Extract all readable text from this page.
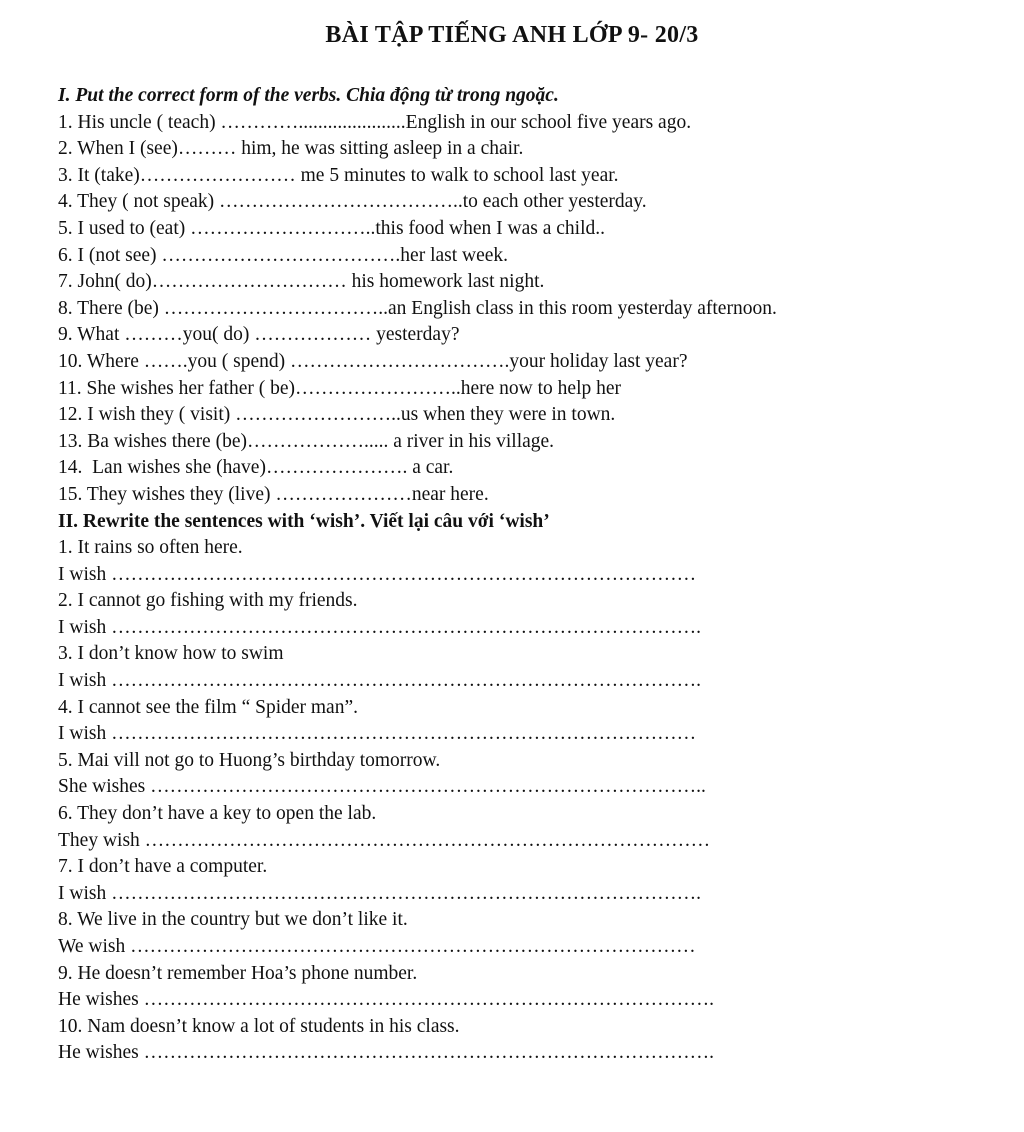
BÀI TẬP TIẾNG ANH LỚP 9- 20/3

I. Put the correct form of the verbs. Chia động từ trong ngoặc.

1. His uncle ( teach) …………......................English in our school five years ago.

2. When I (see)……… him, he was sitting asleep in a chair.

3. It (take)…………………… me 5 minutes to walk to school last year.

4. They ( not speak) ………………………………..to each other yesterday.

5. I used to (eat) ………………………..this food when I was a child..

6. I (not see) ……………………………….her last week.

7. John( do)………………………… his homework last night.

8. There (be) ……………………………..an English class in this room yesterday afternoon.

9. What ………you( do) ……………… yesterday?

10. Where …….you ( spend) …………………………….your holiday last year?

11. She wishes her father ( be)……………………..here now to help her

12. I wish they ( visit) ……………………..us when they were in town.

13. Ba wishes there (be)………………..... a river in his village.

14.  Lan wishes she (have)…………………. a car.

15. They wishes they (live) …………………near here.

II. Rewrite the sentences with ‘wish’. Viết lại câu với ‘wish’

1. It rains so often here.

I wish ………………………………………………………………………………

2. I cannot go fishing with my friends.

I wish ……………………………………………………………………………….

3. I don’t know how to swim

I wish ……………………………………………………………………………….

4. I cannot see the film “ Spider man”.

I wish ………………………………………………………………………………

5. Mai vill not go to Huong’s birthday tomorrow.

She wishes …………………………………………………………………………..

6. They don’t have a key to open the lab.

They wish ……………………………………………………………………………

7. I don’t have a computer.

I wish ……………………………………………………………………………….

8. We live in the country but we don’t like it.

We wish ……………………………………………………………………………

9. He doesn’t remember Hoa’s phone number.

He wishes …………………………………………………………………………….

10. Nam doesn’t know a lot of students in his class.

He wishes …………………………………………………………………………….
